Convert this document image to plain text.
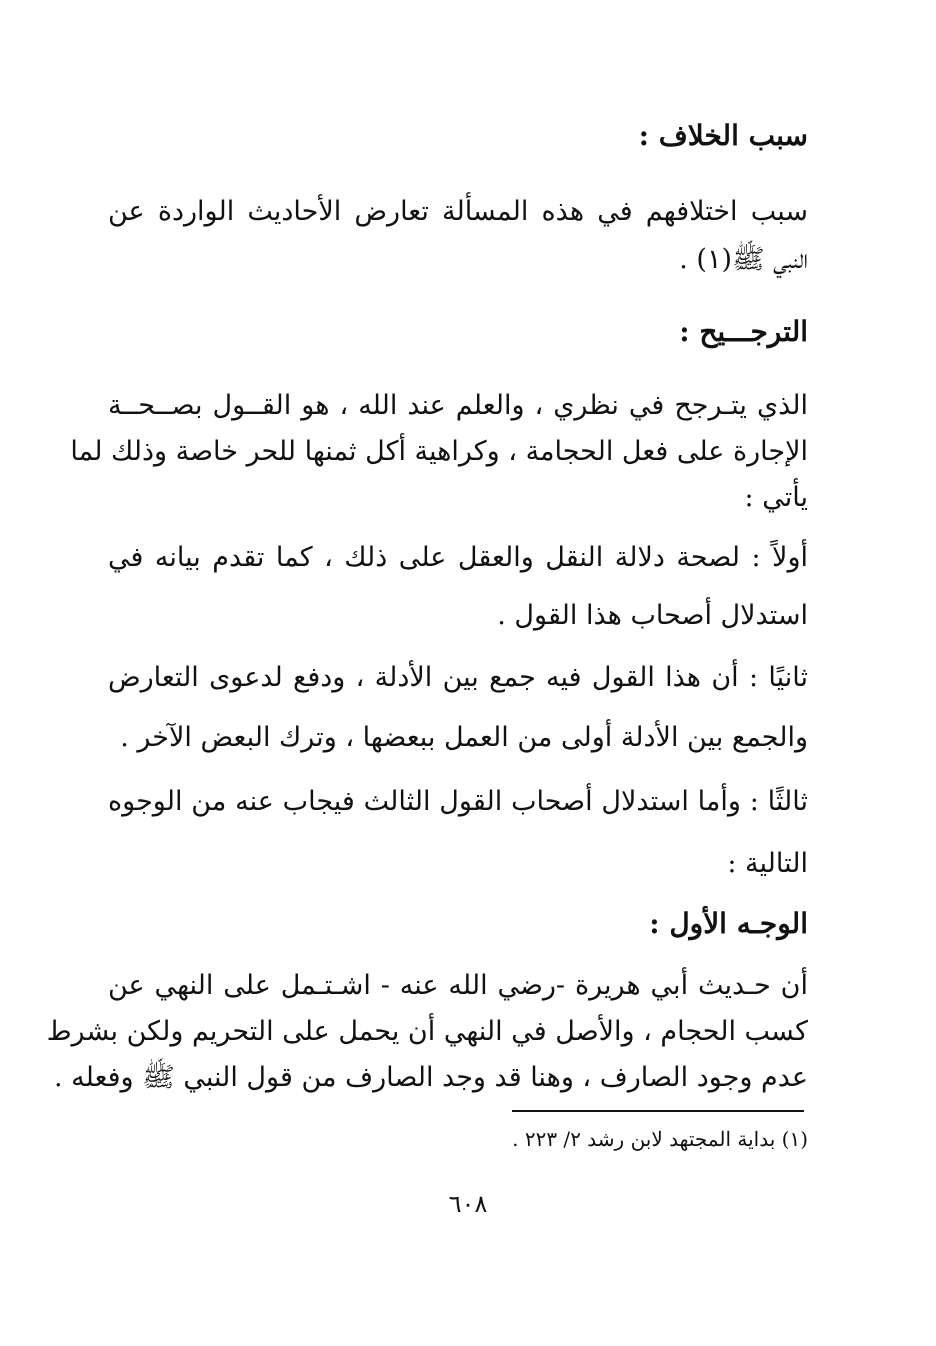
سبب الخلاف :
سبب اختلافهم في هذه المسألة تعارض الأحاديث الواردة عن
النبي ﷺ(١) .
الترجـــيح :
الذي يتـرجح في نظري ، والعلم عند الله ، هو القــول بصــحــة
الإجارة على فعل الحجامة ، وكراهية أكل ثمنها للحر خاصة وذلك لما
يأتي :
أولاً : لصحة دلالة النقل والعقل على ذلك ، كما تقدم بيانه في
استدلال أصحاب هذا القول .
ثانيًا : أن هذا القول فيه جمع بين الأدلة ، ودفع لدعوى التعارض
والجمع بين الأدلة أولى من العمل ببعضها ، وترك البعض الآخر .
ثالثًا : وأما استدلال أصحاب القول الثالث فيجاب عنه من الوجوه
التالية :
الوجـه الأول :
أن حـديث أبي هريرة -رضي الله عنه - اشـتـمل على النهي عن
كسب الحجام ، والأصل في النهي أن يحمل على التحريم ولكن بشرط
عدم وجود الصارف ، وهنا قد وجد الصارف من قول النبي ﷺ وفعله .
(١) بداية المجتهد لابن رشد ٢/ ٢٢٣ .
٦٠٨
